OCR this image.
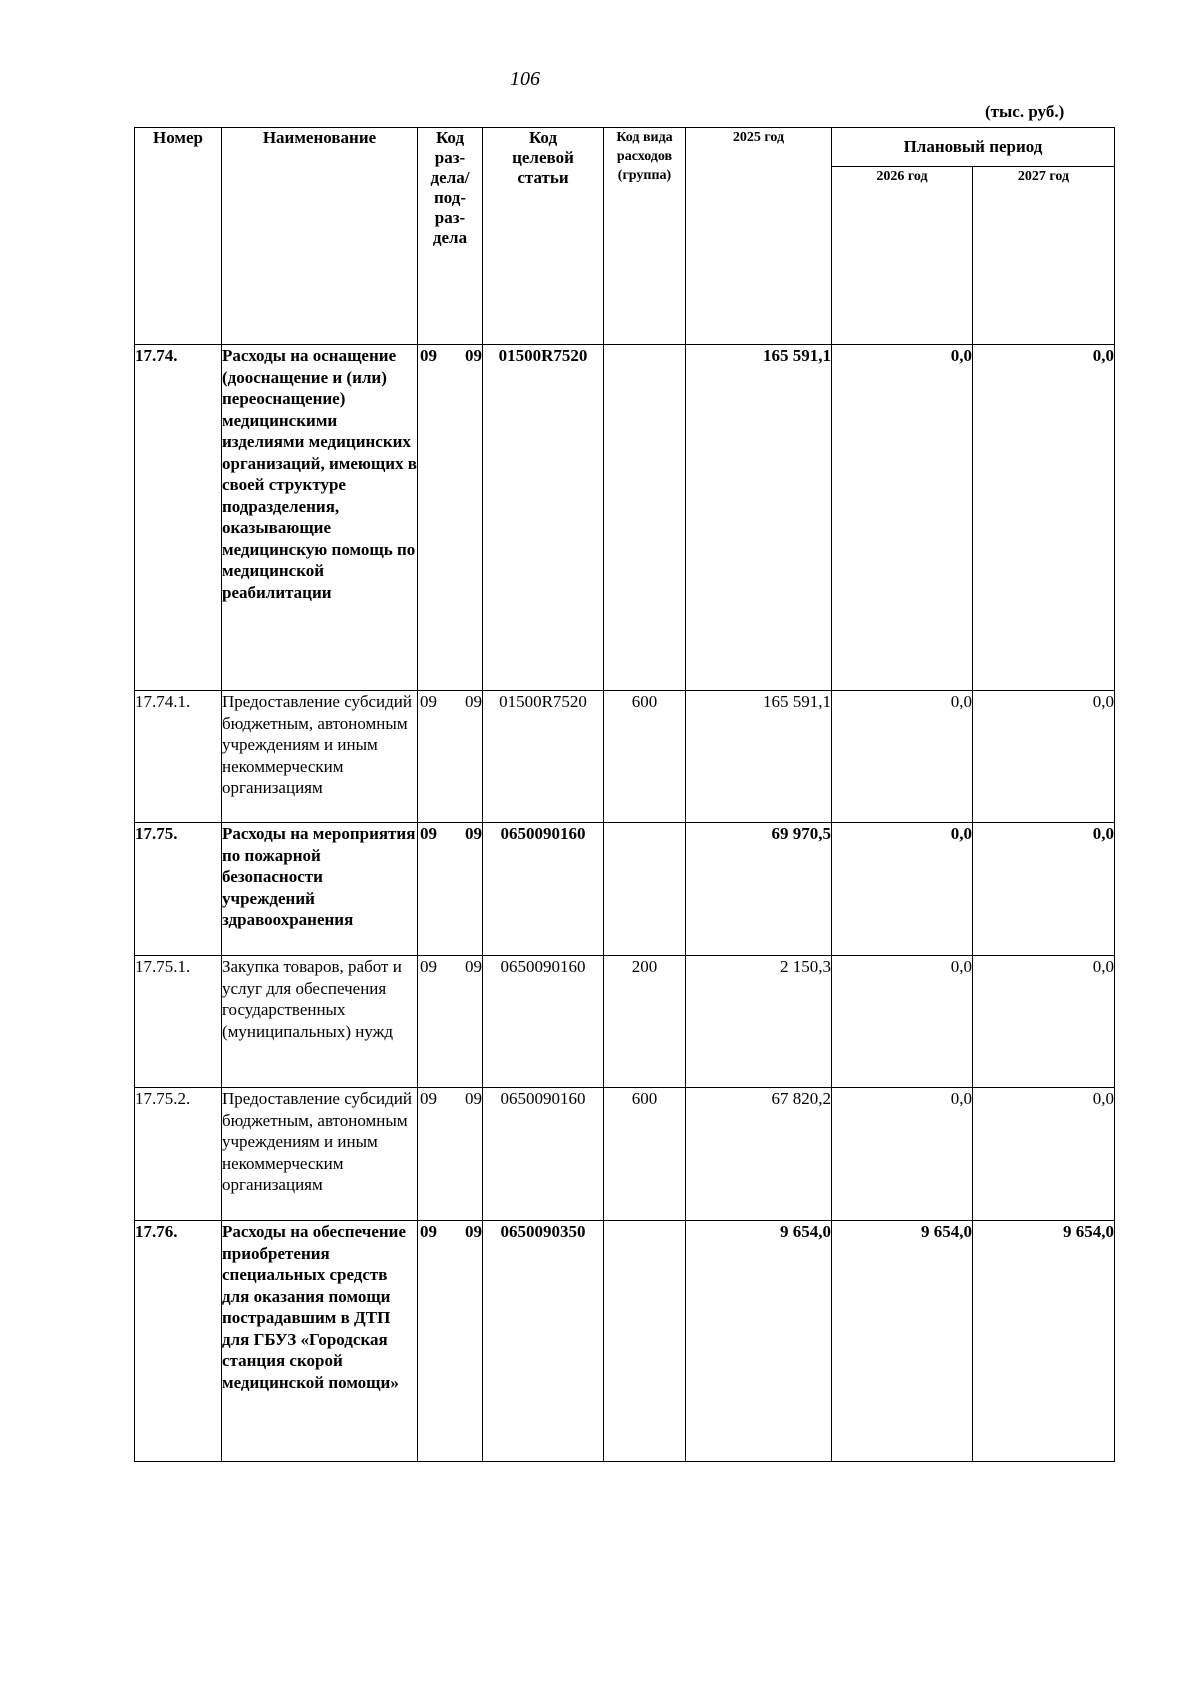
106
(тыс. руб.)
Номер	Наименование	Код раз-дела/ под-раз-дела	Код целевой статьи	Код вида расходов (группа)	2025 год	Плановый период	
						2026 год	2027 год
17.74.	Расходы на оснащение (дооснащение и (или) переоснащение) медицинскими изделиями медицинских организаций, имеющих в своей структуре подразделения, оказывающие медицинскую помощь по медицинской реабилитации	09 09	01500R7520		165 591,1	0,0	0,0
17.74.1.	Предоставление субсидий бюджетным, автономным учреждениям и иным некоммерческим организациям	09 09	01500R7520	600	165 591,1	0,0	0,0
17.75.	Расходы на мероприятия по пожарной безопасности учреждений здравоохранения	09 09	0650090160		69 970,5	0,0	0,0
17.75.1.	Закупка товаров, работ и услуг для обеспечения государственных (муниципальных) нужд	09 09	0650090160	200	2 150,3	0,0	0,0
17.75.2.	Предоставление субсидий бюджетным, автономным учреждениям и иным некоммерческим организациям	09 09	0650090160	600	67 820,2	0,0	0,0
17.76.	Расходы на обеспечение приобретения специальных средств для оказания помощи пострадавшим в ДТП для ГБУЗ «Городская станция скорой медицинской помощи»	09 09	0650090350		9 654,0	9 654,0	9 654,0
